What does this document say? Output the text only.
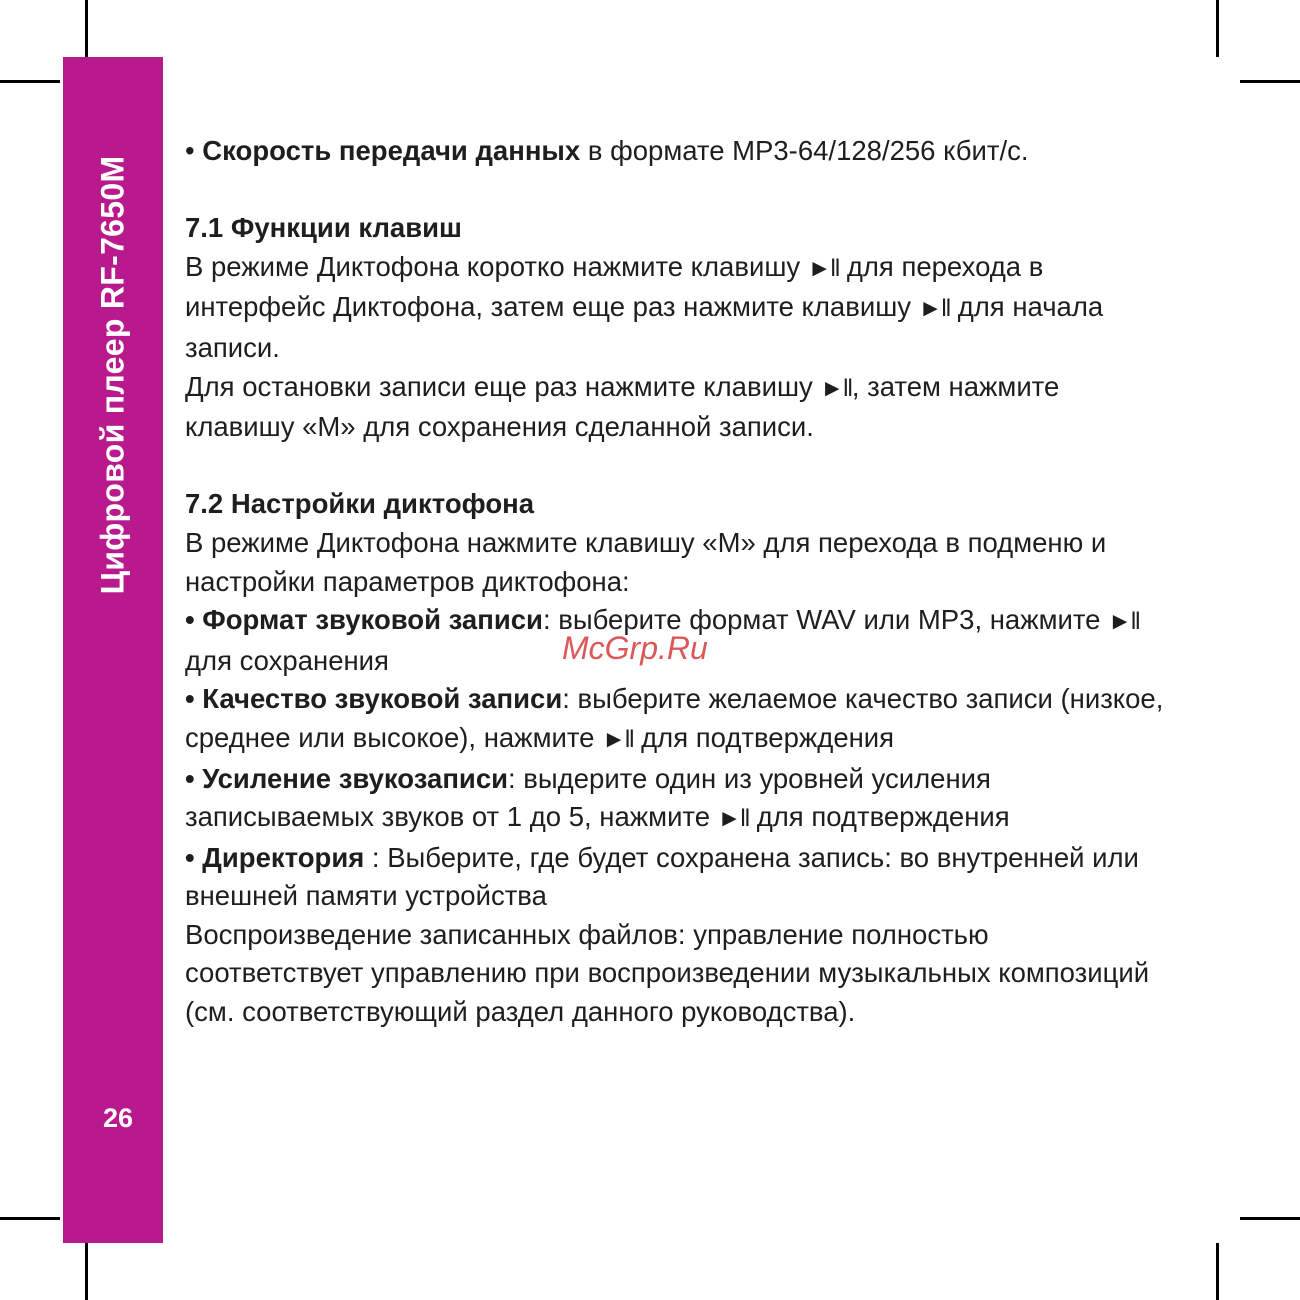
Цифровой плеер RF-7650M
26

• Скорость передачи данных в формате MP3-64/128/256 кбит/с.

7.1 Функции клавиш

В режиме Диктофона коротко нажмите клавишу ►ll для перехода в интерфейс Диктофона, затем еще раз нажмите клавишу ►ll для начала записи.

Для остановки записи еще раз нажмите клавишу ►ll, затем нажмите клавишу «M» для сохранения сделанной записи.

7.2 Настройки диктофона

В режиме Диктофона нажмите клавишу «M» для перехода в подменю и настройки параметров диктофона:

• Формат звуковой записи: выберите формат WAV или MP3, нажмите ►ll для сохранения

• Качество звуковой записи: выберите желаемое качество записи (низкое, среднее или высокое), нажмите ►ll для подтверждения

• Усиление звукозаписи: выдерите один из уровней усиления записываемых звуков от 1 до 5, нажмите ►ll для подтверждения

• Директория : Выберите, где будет сохранена запись: во внутренней или внешней памяти устройства

Воспроизведение записанных файлов: управление полностью соответствует управлению при воспроизведении музыкальных композиций (см. соответствующий раздел данного руководства).

McGrp.Ru
